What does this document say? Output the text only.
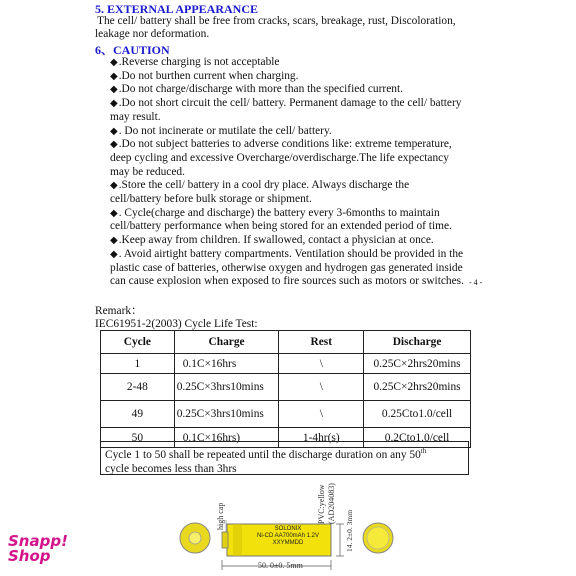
5. EXTERNAL APPEARANCE
The cell/ battery shall be free from cracks, scars, breakage, rust, Discoloration,
leakage nor deformation.
6、CAUTION
◆.Reverse charging is not acceptable
◆.Do not burthen current when charging.
◆.Do not charge/discharge with more than the specified current.
◆.Do not short circuit the cell/ battery. Permanent damage to the cell/ battery
may result.
◆. Do not incinerate or mutilate the cell/ battery.
◆.Do not subject batteries to adverse conditions like: extreme temperature,
deep cycling and excessive Overcharge/overdischarge.The life expectancy
may be reduced.
◆.Store the cell/ battery in a cool dry place. Always discharge the
cell/battery before bulk storage or shipment.
◆. Cycle(charge and discharge) the battery every 3-6months to maintain
cell/battery performance when being stored for an extended period of time.
◆.Keep away from children. If swallowed, contact a physician at once.
◆. Avoid airtight battery compartments. Ventilation should be provided in the
plastic case of batteries, otherwise oxygen and hydrogen gas generated inside
can cause explosion when exposed to fire sources such as motors or switches. - 4 -
Remark：
IEC61951-2(2003) Cycle Life Test:
Cycle	Charge	Rest	Discharge
1	0.1C×16hrs	\	0.25C×2hrs20mins
2-48	0.25C×3hrs10mins	\	0.25C×2hrs20mins
49	0.25C×3hrs10mins	\	0.25Cto1.0/cell
50	0.1C×16hrs)	1-4hr(s)	0.2Cto1.0/cell
Cycle 1 to 50 shall be repeated until the discharge duration on any 50th
cycle becomes less than 3hrs
high cap	PVC:yellow (AD204083)
14. 2±0. 3mm
SOLONIX
Ni-CD AA700mAh 1.2V
XXYMMDD
50. 0±0. 5mm
Snapp!
Shop
